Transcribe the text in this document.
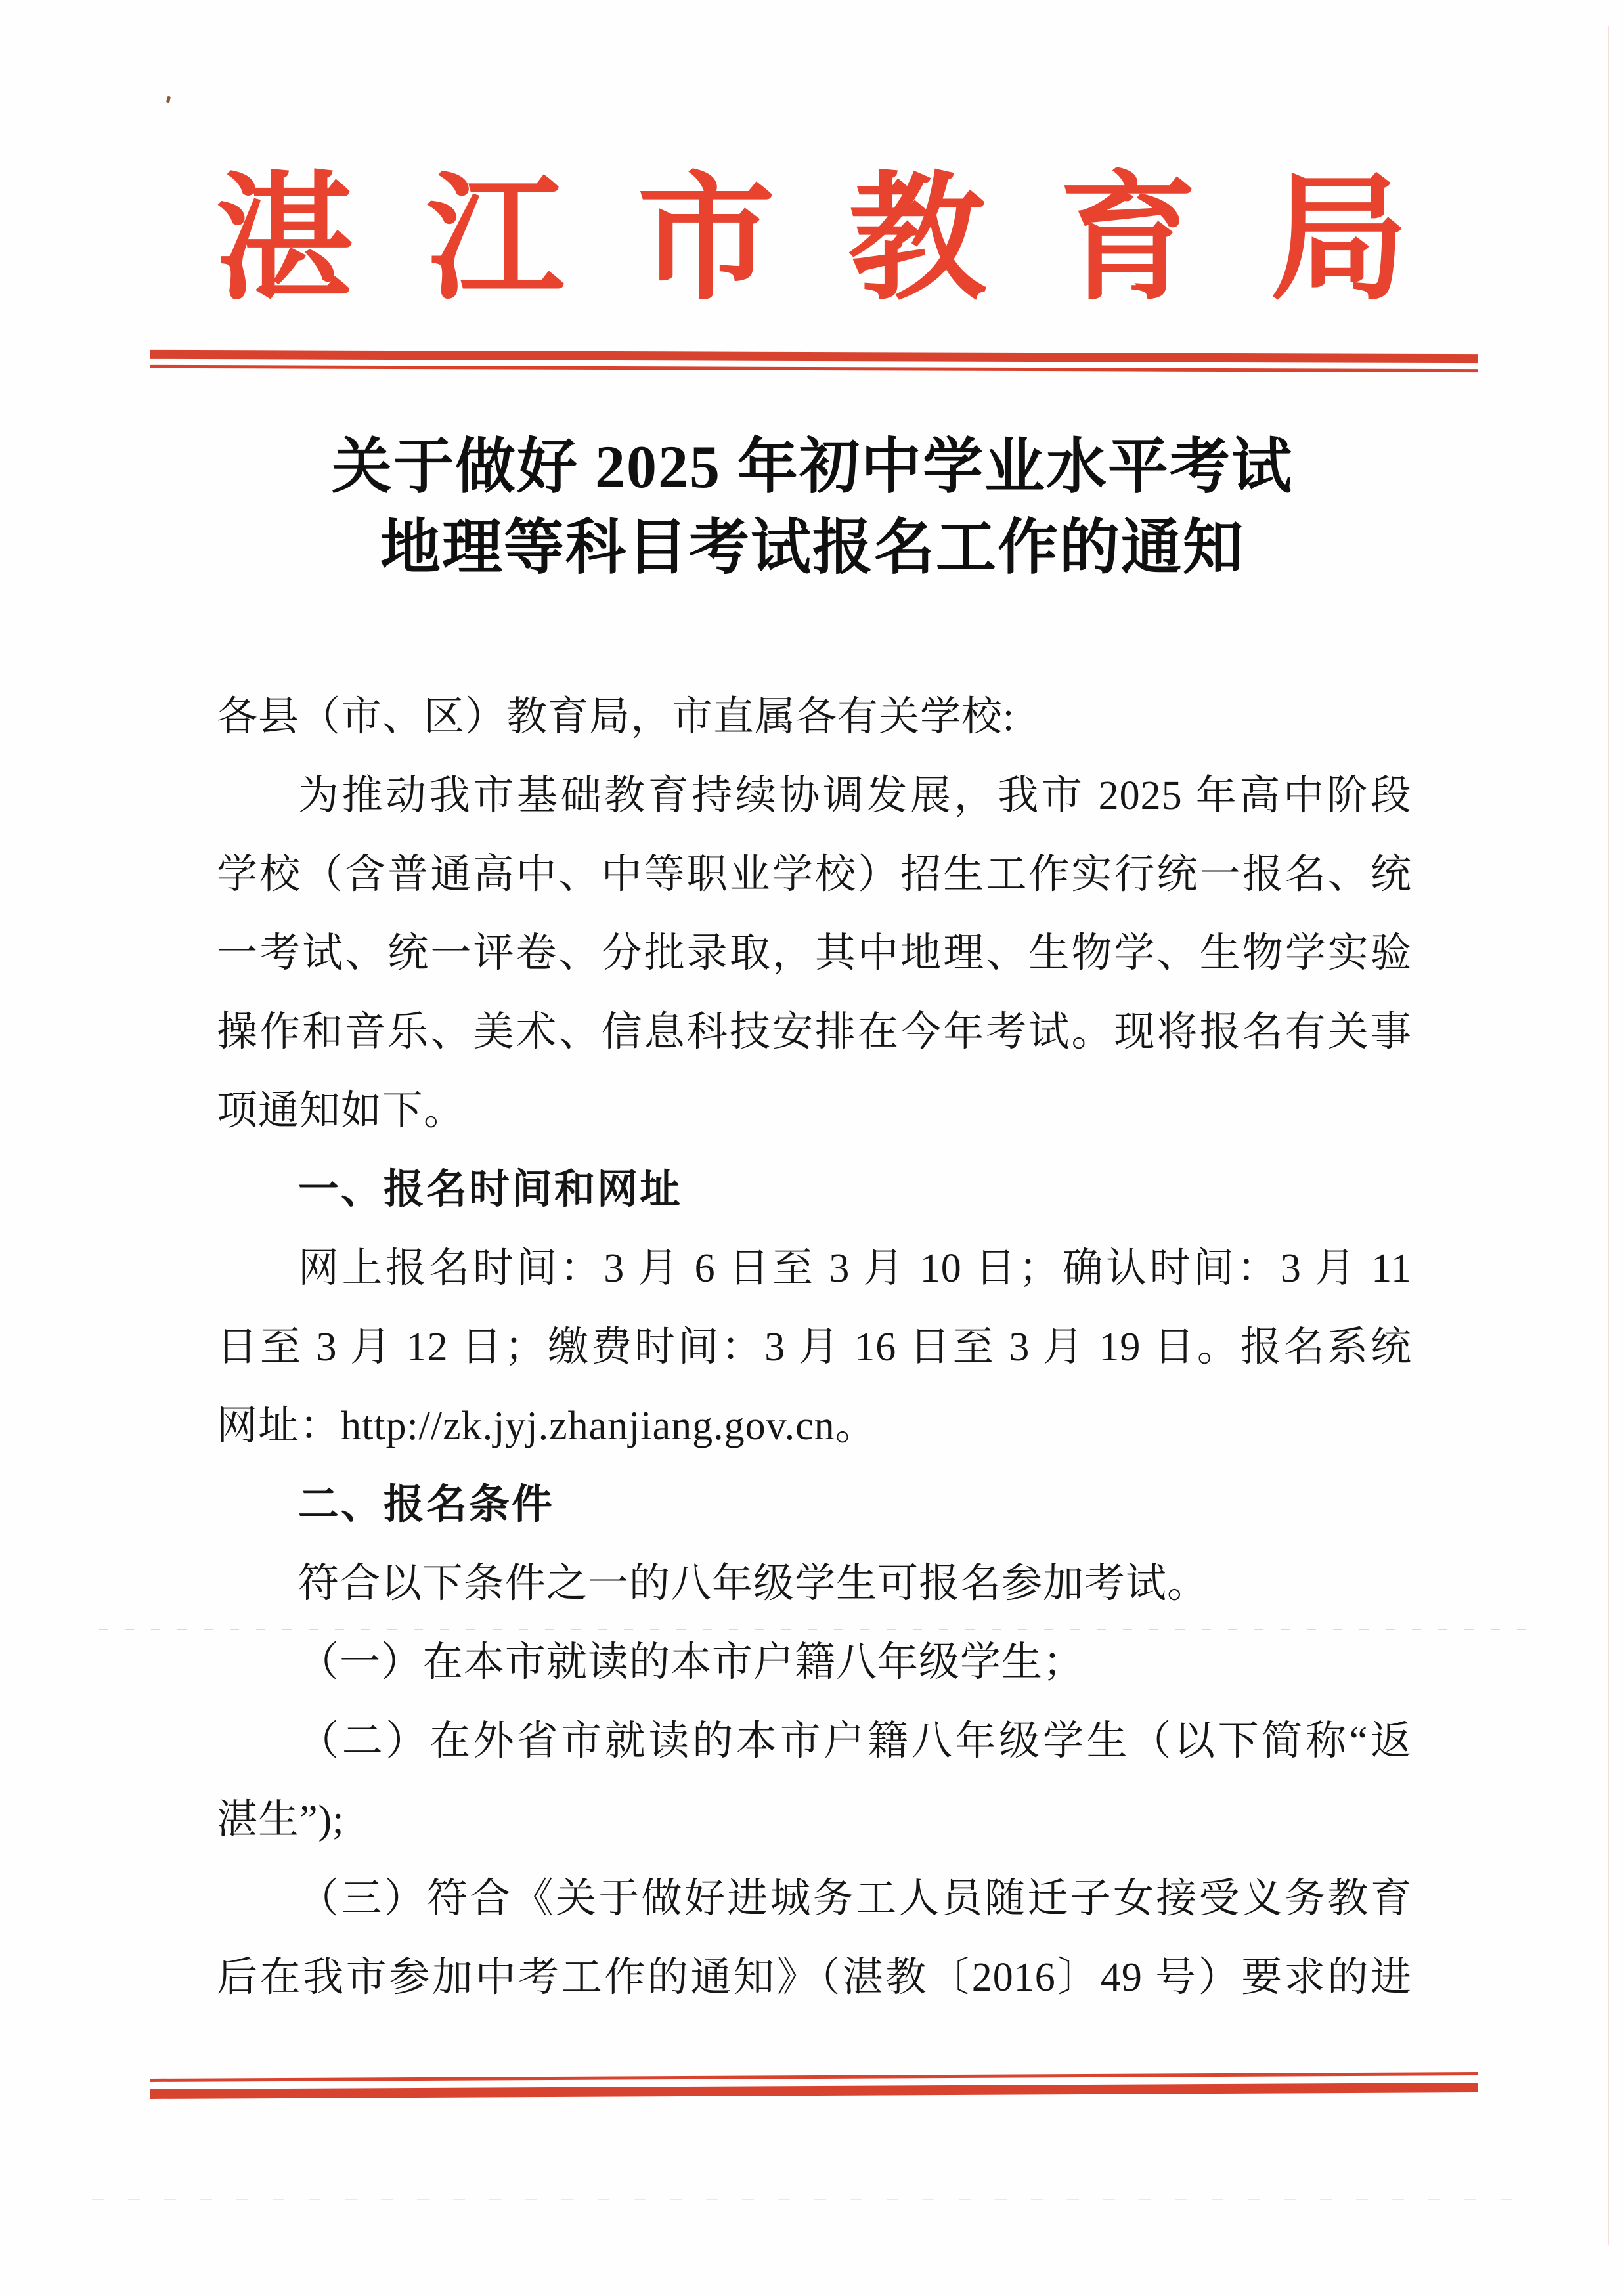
湛江市教育局
关于做好 2025 年初中学业水平考试
地理等科目考试报名工作的通知
各县（市、区）教育局，市直属各有关学校:
为推动我市基础教育持续协调发展，我市 2025 年高中阶段
学校（含普通高中、中等职业学校）招生工作实行统一报名、统
一考试、统一评卷、分批录取，其中地理、生物学、生物学实验
操作和音乐、美术、信息科技安排在今年考试。现将报名有关事
项通知如下。
一、报名时间和网址
网上报名时间：3 月 6 日至 3 月 10 日；确认时间：3 月 11
日至 3 月 12 日；缴费时间：3 月 16 日至 3 月 19 日。报名系统
网址：http://zk.jyj.zhanjiang.gov.cn。
二、报名条件
符合以下条件之一的八年级学生可报名参加考试。
（一）在本市就读的本市户籍八年级学生；
（二）在外省市就读的本市户籍八年级学生（以下简称“返
湛生”);
（三）符合《关于做好进城务工人员随迁子女接受义务教育
后在我市参加中考工作的通知》（湛教〔2016〕49 号）要求的进
